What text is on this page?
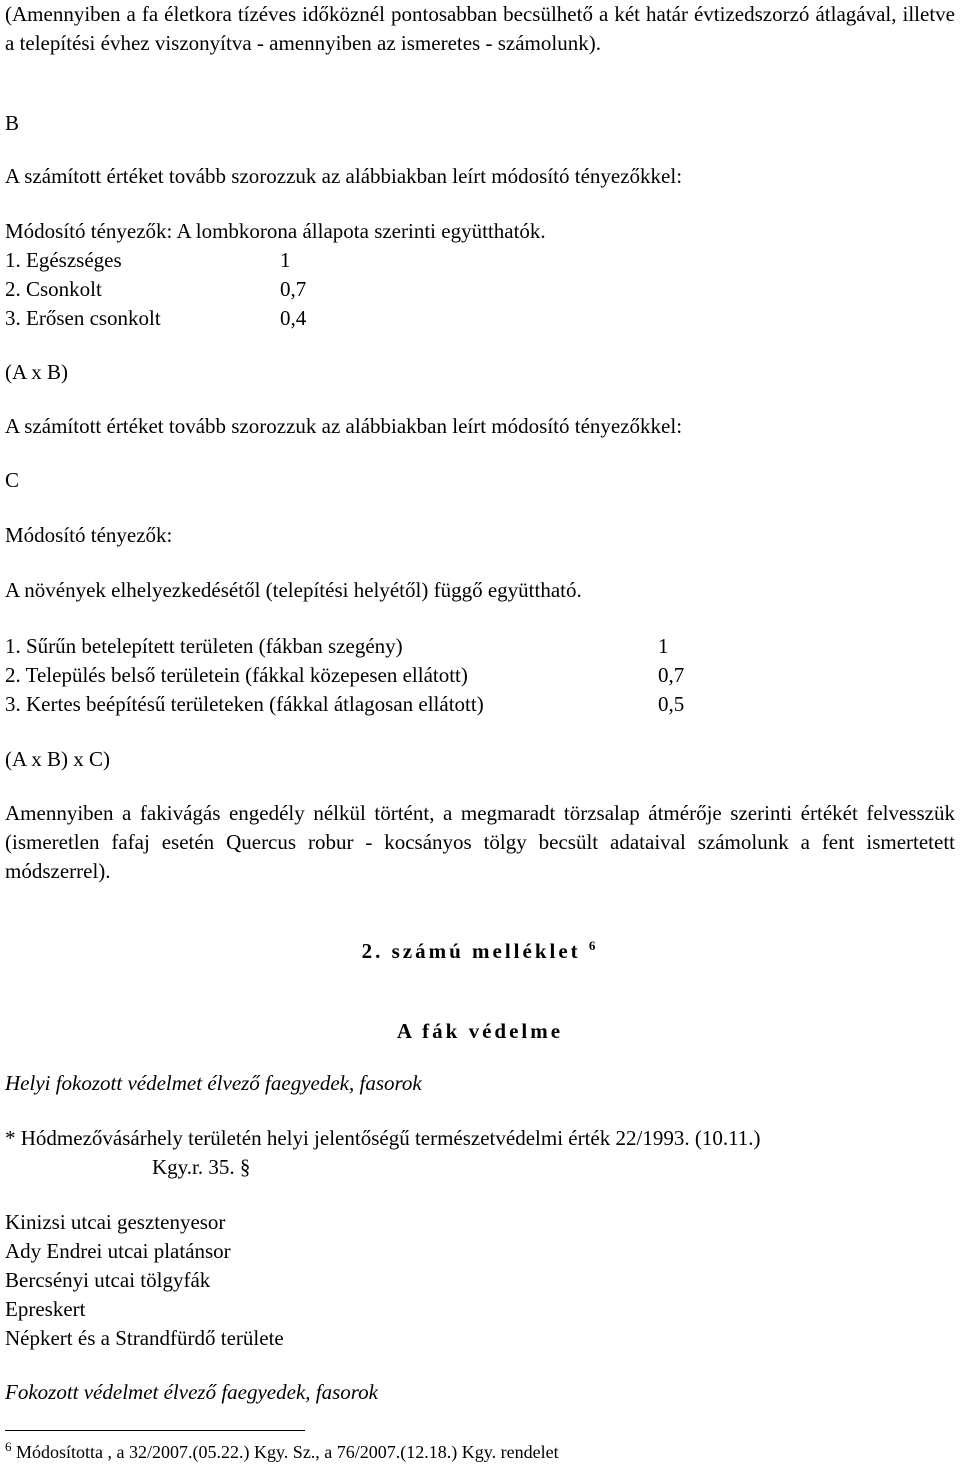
(Amennyiben a fa életkora tízéves időköznél pontosabban becsülhető a két határ évtizedszorzó átlagával, illetve a telepítési évhez viszonyítva - amennyiben az ismeretes - számolunk).
B
A számított értéket tovább szorozzuk az alábbiakban leírt módosító tényezőkkel:
Módosító tényezők: A lombkorona állapota szerinti együtthatók.
1. Egészséges	1
2. Csonkolt	0,7
3. Erősen csonkolt	0,4
(A x B)
A számított értéket tovább szorozzuk az alábbiakban leírt módosító tényezőkkel:
C
Módosító tényezők:
A növények elhelyezkedésétől (telepítési helyétől) függő együttható.
1. Sűrűn betelepített területen (fákban szegény)	1
2. Település belső területein (fákkal közepesen ellátott)	0,7
3. Kertes beépítésű területeken (fákkal átlagosan ellátott)	0,5
(A x B) x C)
Amennyiben a fakivágás engedély nélkül történt, a megmaradt törzsalap átmérője szerinti értékét felvesszük (ismeretlen fafaj esetén Quercus robur - kocsányos tölgy becsült adataival számolunk a fent ismertetett módszerrel).
2. számú melléklet $^6$
A fák védelme
Helyi fokozott védelmet élvező faegyedek, fasorok
* Hódmezővásárhely területén helyi jelentőségű természetvédelmi érték 22/1993. (10.11.)
Kgy.r. 35. §
Kinizsi utcai gesztenyesor
Ady Endrei utcai platánsor
Bercsényi utcai tölgyfák
Epreskert
Népkert és a Strandfürdő területe
Fokozott védelmet élvező faegyedek, fasorok
$^6$ Módosította , a 32/2007.(05.22.) Kgy. Sz., a 76/2007.(12.18.) Kgy. rendelet
